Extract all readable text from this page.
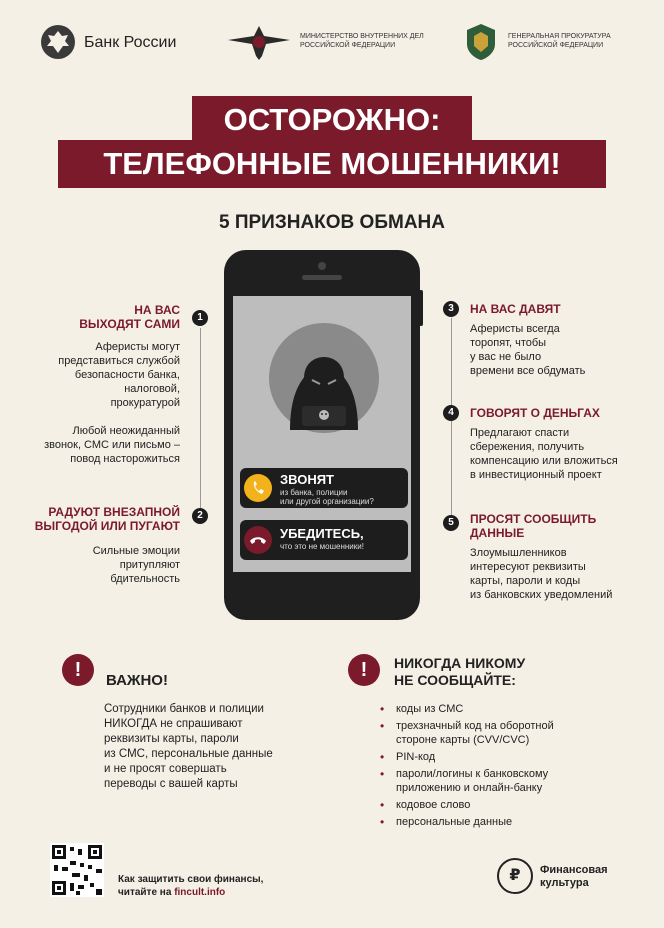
Банк России	МИНИСТЕРСТВО ВНУТРЕННИХ ДЕЛ
РОССИЙСКОЙ ФЕДЕРАЦИИ
ГЕНЕРАЛЬНАЯ ПРОКУРАТУРА
РОССИЙСКОЙ ФЕДЕРАЦИИ
ОСТОРОЖНО:
ТЕЛЕФОННЫЕ МОШЕННИКИ!
5 ПРИЗНАКОВ ОБМАНА
ЗВОНЯТ
из банка, полиции
или другой организации?
УБЕДИТЕСЬ,
что это не мошенники!
1
НА ВАС
ВЫХОДЯТ САМИ
Аферисты могут
представиться службой
безопасности банка,
налоговой,
прокуратурой
Любой неожиданный
звонок, СМС или письмо –
повод насторожиться
2
РАДУЮТ ВНЕЗАПНОЙ
ВЫГОДОЙ ИЛИ ПУГАЮТ
Сильные эмоции
притупляют
бдительность
3	НА ВАС ДАВЯТ
Аферисты всегда
торопят, чтобы
у вас не было
времени все обдумать
4	ГОВОРЯТ О ДЕНЬГАХ
Предлагают спасти
сбережения, получить
компенсацию или вложиться
в инвестиционный проект
5	ПРОСЯТ СООБЩИТЬ
ДАННЫЕ
Злоумышленников
интересуют реквизиты
карты, пароли и коды
из банковских уведомлений
!	ВАЖНО!
Сотрудники банков и полиции
НИКОГДА не спрашивают
реквизиты карты, пароли
из СМС, персональные данные
и не просят совершать
переводы с вашей карты
!	НИКОГДА НИКОМУ
НЕ СООБЩАЙТЕ:
• коды из СМС
• трехзначный код на оборотной
стороне карты (CVV/CVC)
• PIN-код
• пароли/логины к банковскому
приложению и онлайн-банку
• кодовое слово
• персональные данные
Как защитить свои финансы,
читайте на fincult.info
₽	Финансовая
культура
